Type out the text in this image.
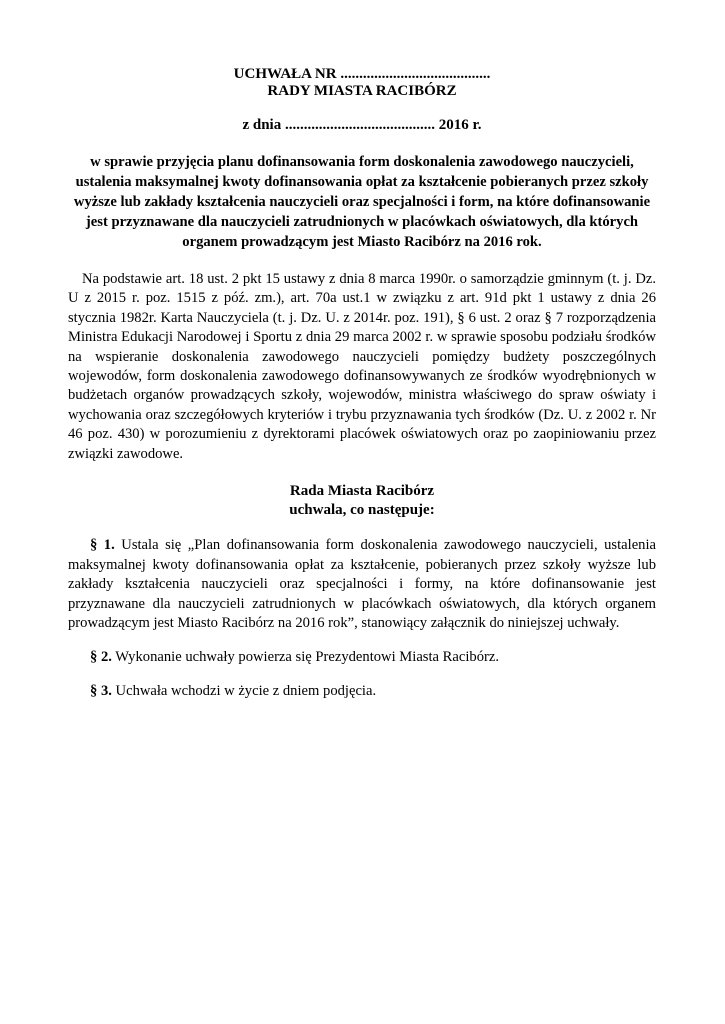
UCHWAŁA NR ........................................

RADY MIASTA RACIBÓRZ

z dnia ........................................ 2016 r.

w sprawie przyjęcia planu dofinansowania form doskonalenia zawodowego nauczycieli, ustalenia maksymalnej kwoty dofinansowania opłat za kształcenie pobieranych przez szkoły wyższe lub zakłady kształcenia nauczycieli oraz specjalności i form, na które dofinansowanie jest przyznawane dla nauczycieli zatrudnionych w placówkach oświatowych, dla których organem prowadzącym jest Miasto Racibórz na 2016 rok.

Na podstawie art. 18 ust. 2 pkt 15 ustawy z dnia 8 marca 1990r. o samorządzie gminnym (t. j. Dz. U z 2015 r. poz. 1515 z póź. zm.), art. 70a ust.1 w związku z art. 91d pkt 1 ustawy z dnia 26 stycznia 1982r. Karta Nauczyciela (t. j. Dz. U. z 2014r. poz. 191), § 6 ust. 2 oraz § 7 rozporządzenia Ministra Edukacji Narodowej i Sportu z dnia 29 marca 2002 r. w sprawie sposobu podziału środków na wspieranie doskonalenia zawodowego nauczycieli pomiędzy budżety poszczególnych wojewodów, form doskonalenia zawodowego dofinansowywanych ze środków wyodrębnionych w budżetach organów prowadzących szkoły, wojewodów, ministra właściwego do spraw oświaty i wychowania oraz szczegółowych kryteriów i trybu przyznawania tych środków (Dz. U. z 2002 r. Nr 46 poz. 430) w porozumieniu z dyrektorami placówek oświatowych oraz po zaopiniowaniu przez związki zawodowe.

Rada Miasta Racibórz
uchwala, co następuje:

§ 1. Ustala się „Plan dofinansowania form doskonalenia zawodowego nauczycieli, ustalenia maksymalnej kwoty dofinansowania opłat za kształcenie, pobieranych przez szkoły wyższe lub zakłady kształcenia nauczycieli oraz specjalności i formy, na które dofinansowanie jest przyznawane dla nauczycieli zatrudnionych w placówkach oświatowych, dla których organem prowadzącym jest Miasto Racibórz na 2016 rok”, stanowiący załącznik do niniejszej uchwały.

§ 2. Wykonanie uchwały powierza się Prezydentowi Miasta Racibórz.

§ 3. Uchwała wchodzi w życie z dniem podjęcia.
